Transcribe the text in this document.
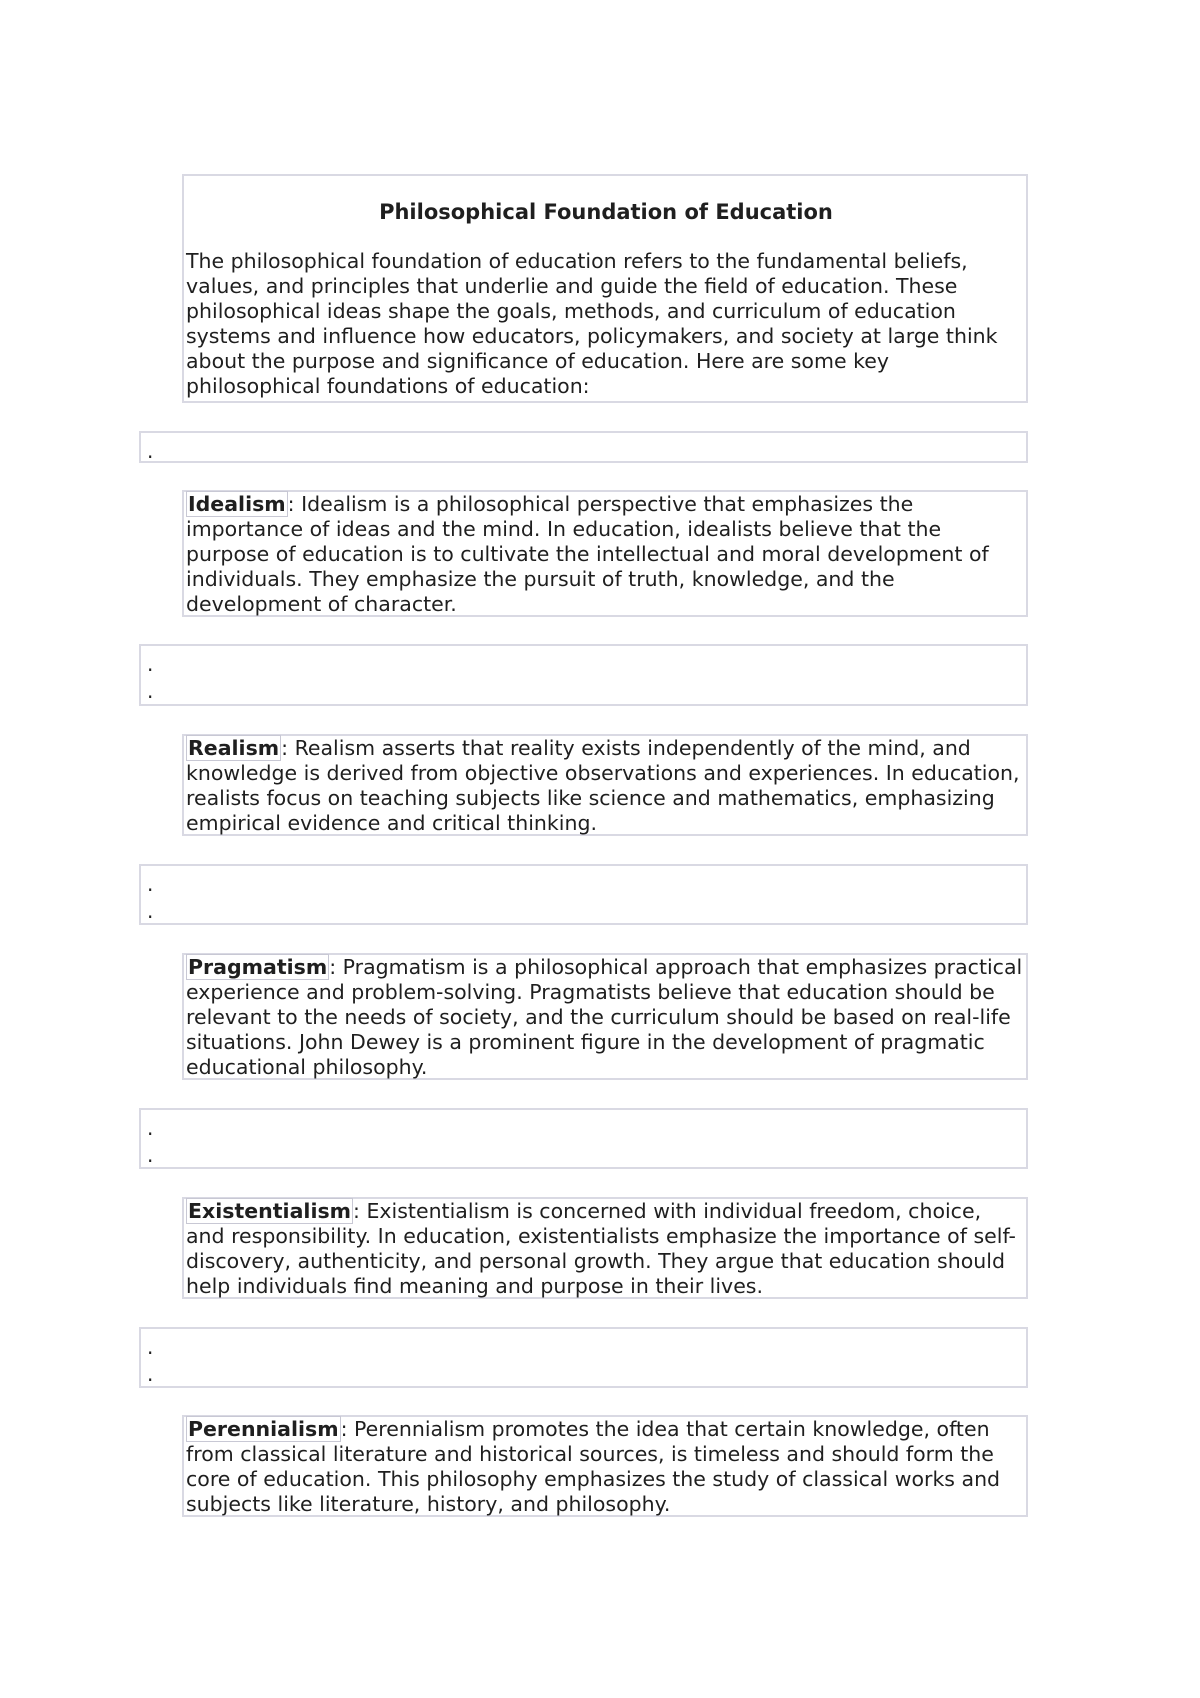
Philosophical Foundation of Education

The philosophical foundation of education refers to the fundamental beliefs, values, and principles that underlie and guide the field of education. These philosophical ideas shape the goals, methods, and curriculum of education systems and influence how educators, policymakers, and society at large think about the purpose and significance of education. Here are some key philosophical foundations of education:

.

Idealism: Idealism is a philosophical perspective that emphasizes the importance of ideas and the mind. In education, idealists believe that the purpose of education is to cultivate the intellectual and moral development of individuals. They emphasize the pursuit of truth, knowledge, and the development of character.

.
.

Realism: Realism asserts that reality exists independently of the mind, and knowledge is derived from objective observations and experiences. In education, realists focus on teaching subjects like science and mathematics, emphasizing empirical evidence and critical thinking.

.
.

Pragmatism: Pragmatism is a philosophical approach that emphasizes practical experience and problem-solving. Pragmatists believe that education should be relevant to the needs of society, and the curriculum should be based on real-life situations. John Dewey is a prominent figure in the development of pragmatic educational philosophy.

.
.

Existentialism: Existentialism is concerned with individual freedom, choice, and responsibility. In education, existentialists emphasize the importance of self-discovery, authenticity, and personal growth. They argue that education should help individuals find meaning and purpose in their lives.

.
.

Perennialism: Perennialism promotes the idea that certain knowledge, often from classical literature and historical sources, is timeless and should form the core of education. This philosophy emphasizes the study of classical works and subjects like literature, history, and philosophy.
